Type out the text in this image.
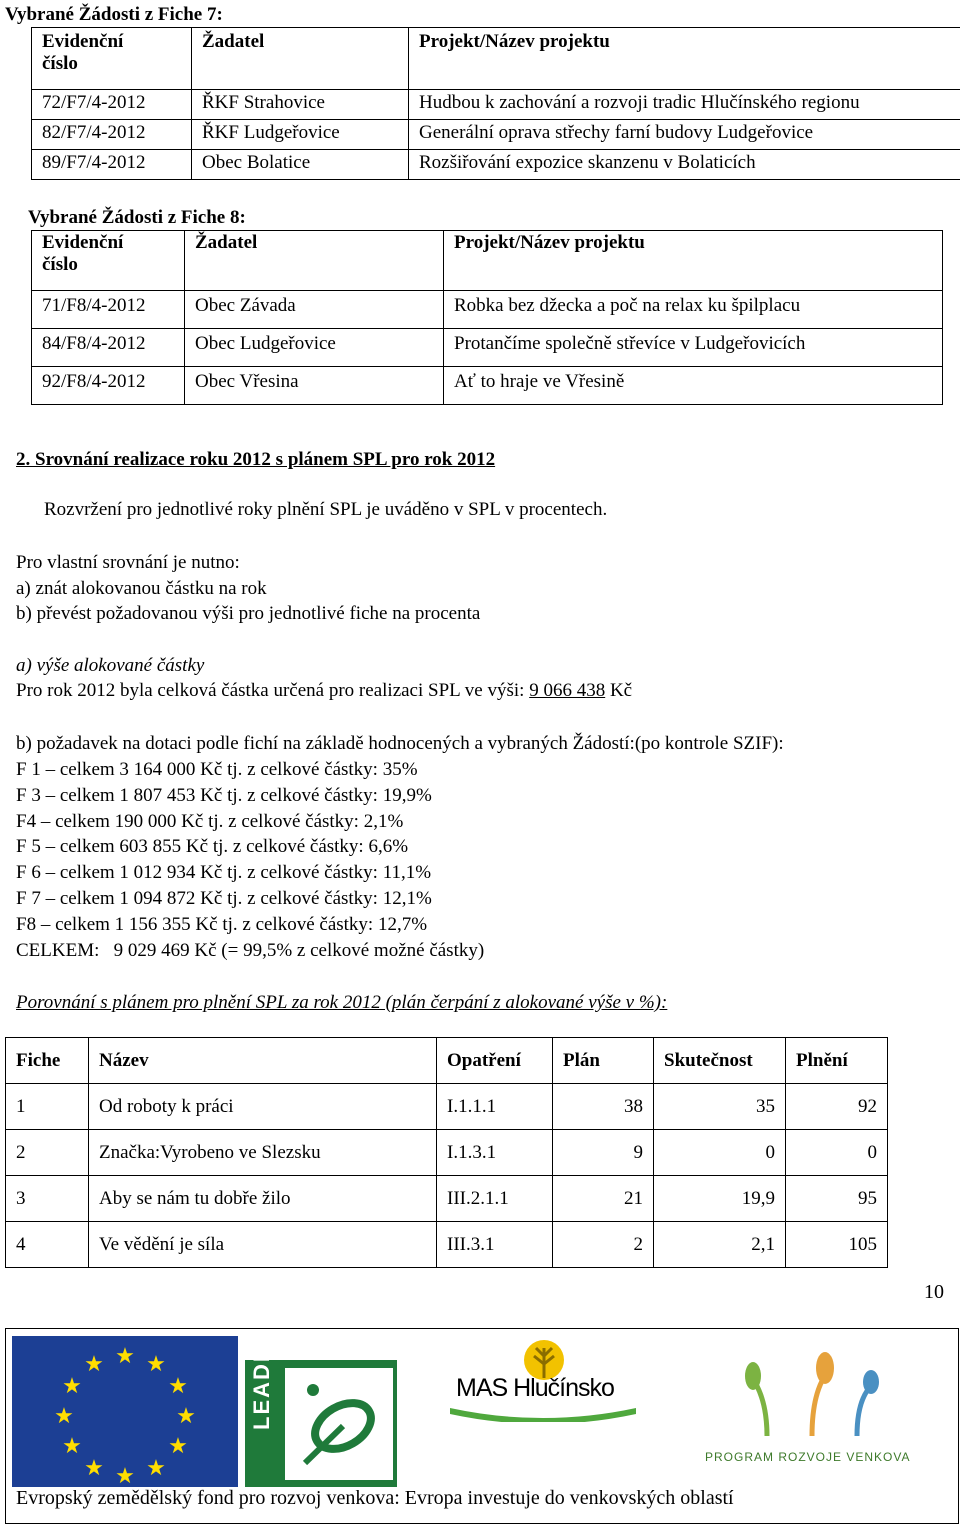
Vybrané Žádosti z Fiche 7:
Evidenční číslo	Žadatel	Projekt/Název projektu
72/F7/4-2012	ŘKF Strahovice	Hudbou k zachování a rozvoji tradic Hlučínského regionu
82/F7/4-2012	ŘKF Ludgeřovice	Generální oprava střechy farní budovy Ludgeřovice
89/F7/4-2012	Obec Bolatice	Rozšiřování expozice skanzenu v Bolaticích
Vybrané Žádosti z Fiche 8:
Evidenční číslo	Žadatel	Projekt/Název projektu
71/F8/4-2012	Obec Závada	Robka bez džecka a poč na relax ku špilplacu
84/F8/4-2012	Obec Ludgeřovice	Protančíme společně střevíce v Ludgeřovicích
92/F8/4-2012	Obec Vřesina	Ať to hraje ve Vřesině
2. Srovnání realizace roku 2012 s plánem SPL pro rok 2012
Rozvržení pro jednotlivé roky plnění SPL je uváděno v SPL v procentech.
Pro vlastní srovnání je nutno:
a) znát alokovanou částku na rok
b) převést požadovanou výši pro jednotlivé fiche na procenta
a) výše alokované částky
Pro rok 2012 byla celková částka určená pro realizaci SPL ve výši: 9 066 438 Kč
b) požadavek na dotaci podle fichí na základě hodnocených a vybraných Žádostí:(po kontrole SZIF):
F 1 – celkem 3 164 000 Kč tj. z celkové částky: 35%
F 3 – celkem 1 807 453 Kč tj. z celkové částky: 19,9%
F4 – celkem 190 000 Kč tj. z celkové částky: 2,1%
F 5 – celkem 603 855 Kč tj. z celkové částky: 6,6%
F 6 – celkem 1 012 934 Kč tj. z celkové částky: 11,1%
F 7 – celkem 1 094 872 Kč tj. z celkové částky: 12,1%
F8 – celkem 1 156 355 Kč tj. z celkové částky: 12,7%
CELKEM:   9 029 469 Kč (= 99,5% z celkové možné částky)
Porovnání s plánem pro plnění SPL za rok 2012 (plán čerpání z alokované výše v %):
Fiche	Název	Opatření	Plán	Skutečnost	Plnění
1	Od roboty k práci	I.1.1.1	38	35	92
2	Značka:Vyrobeno ve Slezsku	I.1.3.1	9	0	0
3	Aby se nám tu dobře žilo	III.2.1.1	21	19,9	95
4	Ve vědění je síla	III.3.1	2	2,1	105
10
★ ★
★
★
★
★
★
★
★
★
★
★	LEADER	MAS Hlučínsko
PROGRAM ROZVOJE VENKOVA
Evropský zemědělský fond pro rozvoj venkova: Evropa investuje do venkovských oblastí
